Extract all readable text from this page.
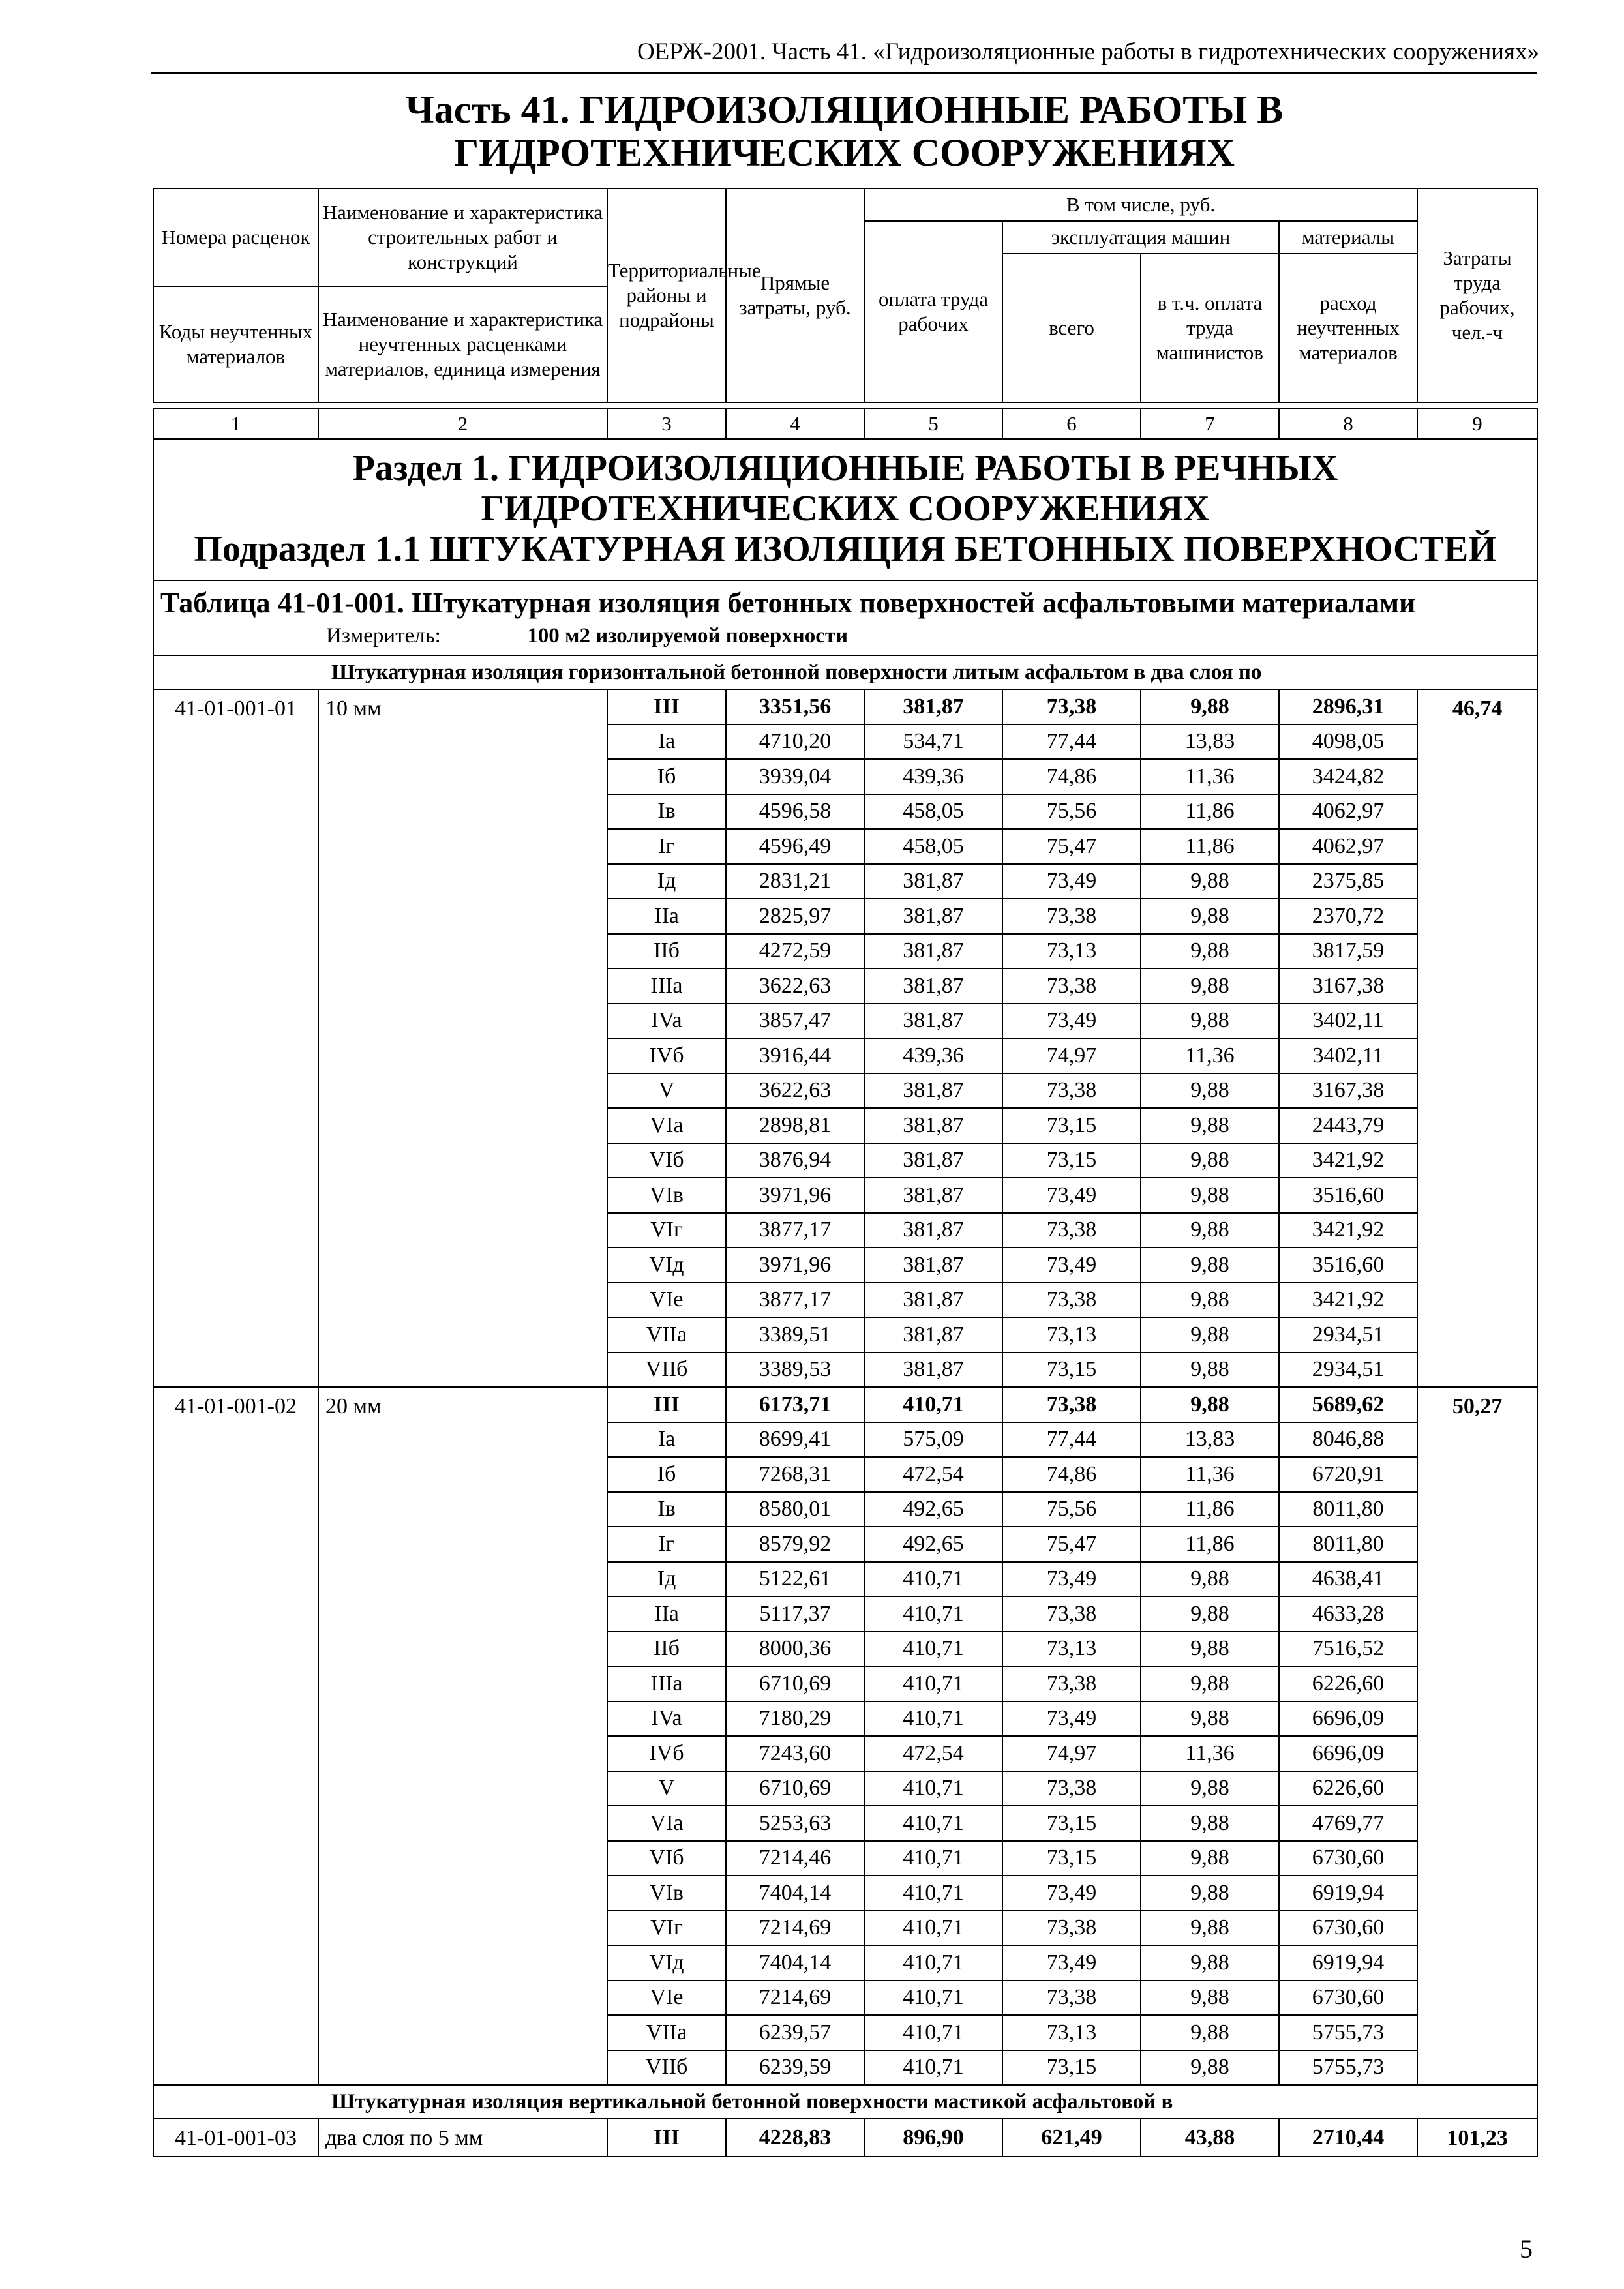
ОЕРЖ-2001. Часть 41. «Гидроизоляционные работы в гидротехнических сооружениях»
Часть 41. ГИДРОИЗОЛЯЦИОННЫЕ РАБОТЫ В
ГИДРОТЕХНИЧЕСКИХ СООРУЖЕНИЯХ
Номера расценок	Наименование и характеристика строительных работ и конструкций	Территориальные районы и подрайоны	Прямые затраты, руб.	В том числе, руб.				Затраты труда рабочих, чел.-ч
				оплата труда рабочих	эксплуатация машин		материалы	
					всего	в т.ч. оплата труда машинистов	расход неучтенных материалов	
Коды неучтенных материалов	Наименование и характеристика неучтенных расценками материалов, единица измерения							

1	2	3	4	5	6	7	8	9
Раздел 1. ГИДРОИЗОЛЯЦИОННЫЕ РАБОТЫ В РЕЧНЫХ
ГИДРОТЕХНИЧЕСКИХ СООРУЖЕНИЯХ
Подраздел 1.1 ШТУКАТУРНАЯ ИЗОЛЯЦИЯ БЕТОННЫХ ПОВЕРХНОСТЕЙ								

Таблица 41-01-001. Штукатурная изоляция бетонных поверхностей асфальтовыми материалами
Измеритель: 100 м2 изолируемой поверхности								

Штукатурная изоляция горизонтальной бетонной поверхности литым асфальтом в два слоя по								
41-01-001-01	10 мм	III	3351,56	381,87	73,38	9,88	2896,31	46,74
		Ia	4710,20	534,71	77,44	13,83	4098,05	
		Iб	3939,04	439,36	74,86	11,36	3424,82	
		Iв	4596,58	458,05	75,56	11,86	4062,97	
		Iг	4596,49	458,05	75,47	11,86	4062,97	
		Iд	2831,21	381,87	73,49	9,88	2375,85	
		IIa	2825,97	381,87	73,38	9,88	2370,72	
		IIб	4272,59	381,87	73,13	9,88	3817,59	
		IIIa	3622,63	381,87	73,38	9,88	3167,38	
		IVa	3857,47	381,87	73,49	9,88	3402,11	
		IVб	3916,44	439,36	74,97	11,36	3402,11	
		V	3622,63	381,87	73,38	9,88	3167,38	
		VIa	2898,81	381,87	73,15	9,88	2443,79	
		VIб	3876,94	381,87	73,15	9,88	3421,92	
		VIв	3971,96	381,87	73,49	9,88	3516,60	
		VIг	3877,17	381,87	73,38	9,88	3421,92	
		VIд	3971,96	381,87	73,49	9,88	3516,60	
		VIe	3877,17	381,87	73,38	9,88	3421,92	
		VIIa	3389,51	381,87	73,13	9,88	2934,51	
		VIIб	3389,53	381,87	73,15	9,88	2934,51	
41-01-001-02	20 мм	III	6173,71	410,71	73,38	9,88	5689,62	50,27
		Ia	8699,41	575,09	77,44	13,83	8046,88	
		Iб	7268,31	472,54	74,86	11,36	6720,91	
		Iв	8580,01	492,65	75,56	11,86	8011,80	
		Iг	8579,92	492,65	75,47	11,86	8011,80	
		Iд	5122,61	410,71	73,49	9,88	4638,41	
		IIa	5117,37	410,71	73,38	9,88	4633,28	
		IIб	8000,36	410,71	73,13	9,88	7516,52	
		IIIa	6710,69	410,71	73,38	9,88	6226,60	
		IVa	7180,29	410,71	73,49	9,88	6696,09	
		IVб	7243,60	472,54	74,97	11,36	6696,09	
		V	6710,69	410,71	73,38	9,88	6226,60	
		VIa	5253,63	410,71	73,15	9,88	4769,77	
		VIб	7214,46	410,71	73,15	9,88	6730,60	
		VIв	7404,14	410,71	73,49	9,88	6919,94	
		VIг	7214,69	410,71	73,38	9,88	6730,60	
		VIд	7404,14	410,71	73,49	9,88	6919,94	
		VIe	7214,69	410,71	73,38	9,88	6730,60	
		VIIa	6239,57	410,71	73,13	9,88	5755,73	
		VIIб	6239,59	410,71	73,15	9,88	5755,73	
Штукатурная изоляция вертикальной бетонной поверхности мастикой асфальтовой в								
41-01-001-03	два слоя по 5 мм	III	4228,83	896,90	621,49	43,88	2710,44	101,23
5
